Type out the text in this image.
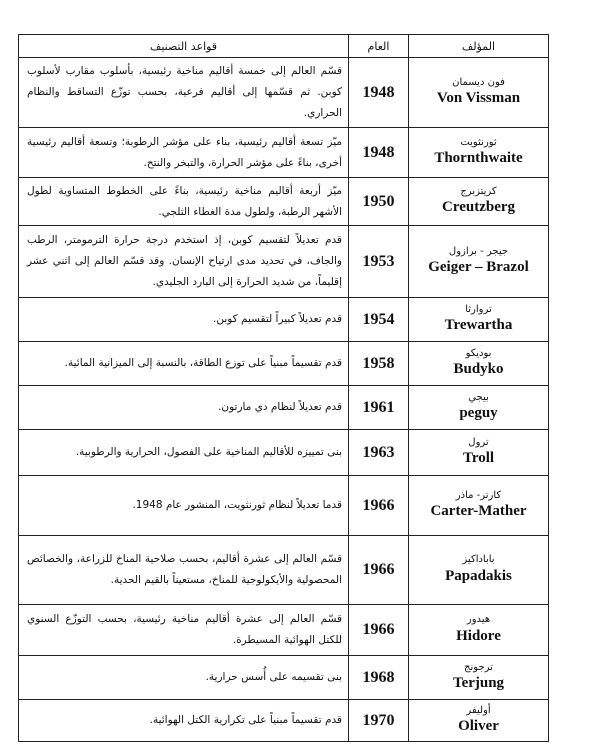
قواعد التصنيف	العام	المؤلف
قسّم العالم إلى خمسة أقاليم مناخية رئيسية، بأسلوب مقارب لأسلوب كوبن. ثم قسّمها إلى أقاليم فرعية، بحسب توزّع التساقط والنظام الحراري.	1948	فون ديسمان
Von Vissman

ميّز تسعة أقاليم رئيسية، بناء على مؤشر الرطوبة؛ وتسعة أقاليم رئيسية أخرى، بناءً على مؤشر الحرارة، والتبخر والنتح.	1948	ثورنثويت
Thornthwaite

ميّز أربعة أقاليم مناخية رئيسية، بناءً على الخطوط المتساوية لطول الأشهر الرطبة، ولطول مدة الغطاء الثلجي.	1950	كريتزبرج
Creutzberg

قدم تعديلاً لتقسيم كوبن، إذ استخدم درجة حرارة الترمومتر، الرطب والجاف، في تحديد مدى ارتياح الإنسان. وقد قسّم العالم إلى اثني عشر إقليماً، من شديد الحرارة إلى البارد الجليدي.	1953	جيجر - برازول
Geiger – Brazol

قدم تعديلاً كبيراً لتقسيم كوبن.	1954	تروارثا
Trewartha

قدم تقسيماً مبنياً على توزع الطاقة، بالنسبة إلى الميزانية المائية.	1958	بوديكو
Budyko

قدم تعديلاً لنظام دي مارتون.	1961	بيجي
peguy

بنى تمييزه للأقاليم المناخية على الفصول، الحرارية والرطوبية.	1963	ترول
Troll

قدما تعديلاً لنظام ثورنثويت، المنشور عام 1948.	1966	كارتر- ماذر
Carter-Mather

قسّم العالم إلى عشرة أقاليم، بحسب صلاحية المناخ للزراعة، والخصائص المحصولية والأيكولوجية للمناخ، مستعيناً بالقيم الحدية.	1966	باباداكيز
Papadakis

قسّم العالم إلى عشرة أقاليم مناخية رئيسية، بحسب التوزّع السنوي للكتل الهوائية المسيطرة.	1966	هيدور
Hidore

بنى تقسيمه على أُسس حرارية.	1968	ترجونج
Terjung

قدم تقسيماً مبنياً على تكرارية الكتل الهوائية.	1970	أوليفر
Oliver
